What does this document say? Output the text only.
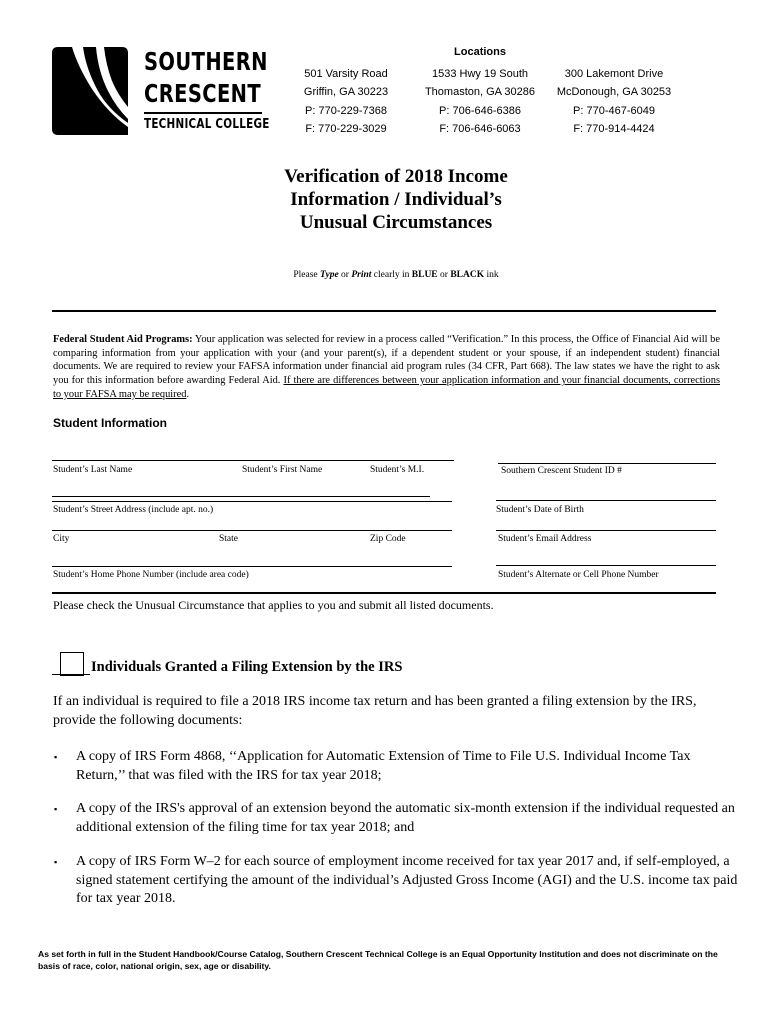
SOUTHERN
CRESCENT
TECHNICAL COLLEGE
Locations
501 Varsity Road
Griffin, GA 30223
P: 770-229-7368
F: 770-229-3029
1533 Hwy 19 South
Thomaston, GA 30286
P: 706-646-6386
F: 706-646-6063
300 Lakemont Drive
McDonough, GA 30253
P: 770-467-6049
F: 770-914-4424
Verification of 2018 Income
Information / Individual’s
Unusual Circumstances
Please Type or Print clearly in BLUE or BLACK ink
Federal Student Aid Programs: Your application was selected for review in a process called “Verification.” In this process, the Office of Financial Aid will be comparing information from your application with your (and your parent(s), if a dependent student or your spouse, if an independent student) financial documents. We are required to review your FAFSA information under financial aid program rules (34 CFR, Part 668). The law states we have the right to ask you for this information before awarding Federal Aid. If there are differences between your application information and your financial documents, corrections to your FAFSA may be required.
Student Information
Student’s Last Name	Student’s First Name	Student’s M.I.	Southern Crescent Student ID #
Student’s Street Address (include apt. no.)	Student’s Date of Birth
City	State	Zip Code	Student’s Email Address
Student’s Home Phone Number (include area code)	Student’s Alternate or Cell Phone Number
Please check the Unusual Circumstance that applies to you and submit all listed documents.
Individuals Granted a Filing Extension by the IRS
If an individual is required to file a 2018 IRS income tax return and has been granted a filing extension by the IRS, provide the following documents:
▪ A copy of IRS Form 4868, ‘‘Application for Automatic Extension of Time to File U.S. Individual Income Tax Return,’’ that was filed with the IRS for tax year 2018;
▪ A copy of the IRS's approval of an extension beyond the automatic six-month extension if the individual requested an additional extension of the filing time for tax year 2018; and
▪ A copy of IRS Form W–2 for each source of employment income received for tax year 2017 and, if self-employed, a signed statement certifying the amount of the individual’s Adjusted Gross Income (AGI) and the U.S. income tax paid for tax year 2018.
As set forth in full in the Student Handbook/Course Catalog, Southern Crescent Technical College is an Equal Opportunity Institution and does not discriminate on the basis of race, color, national origin, sex, age or disability.
